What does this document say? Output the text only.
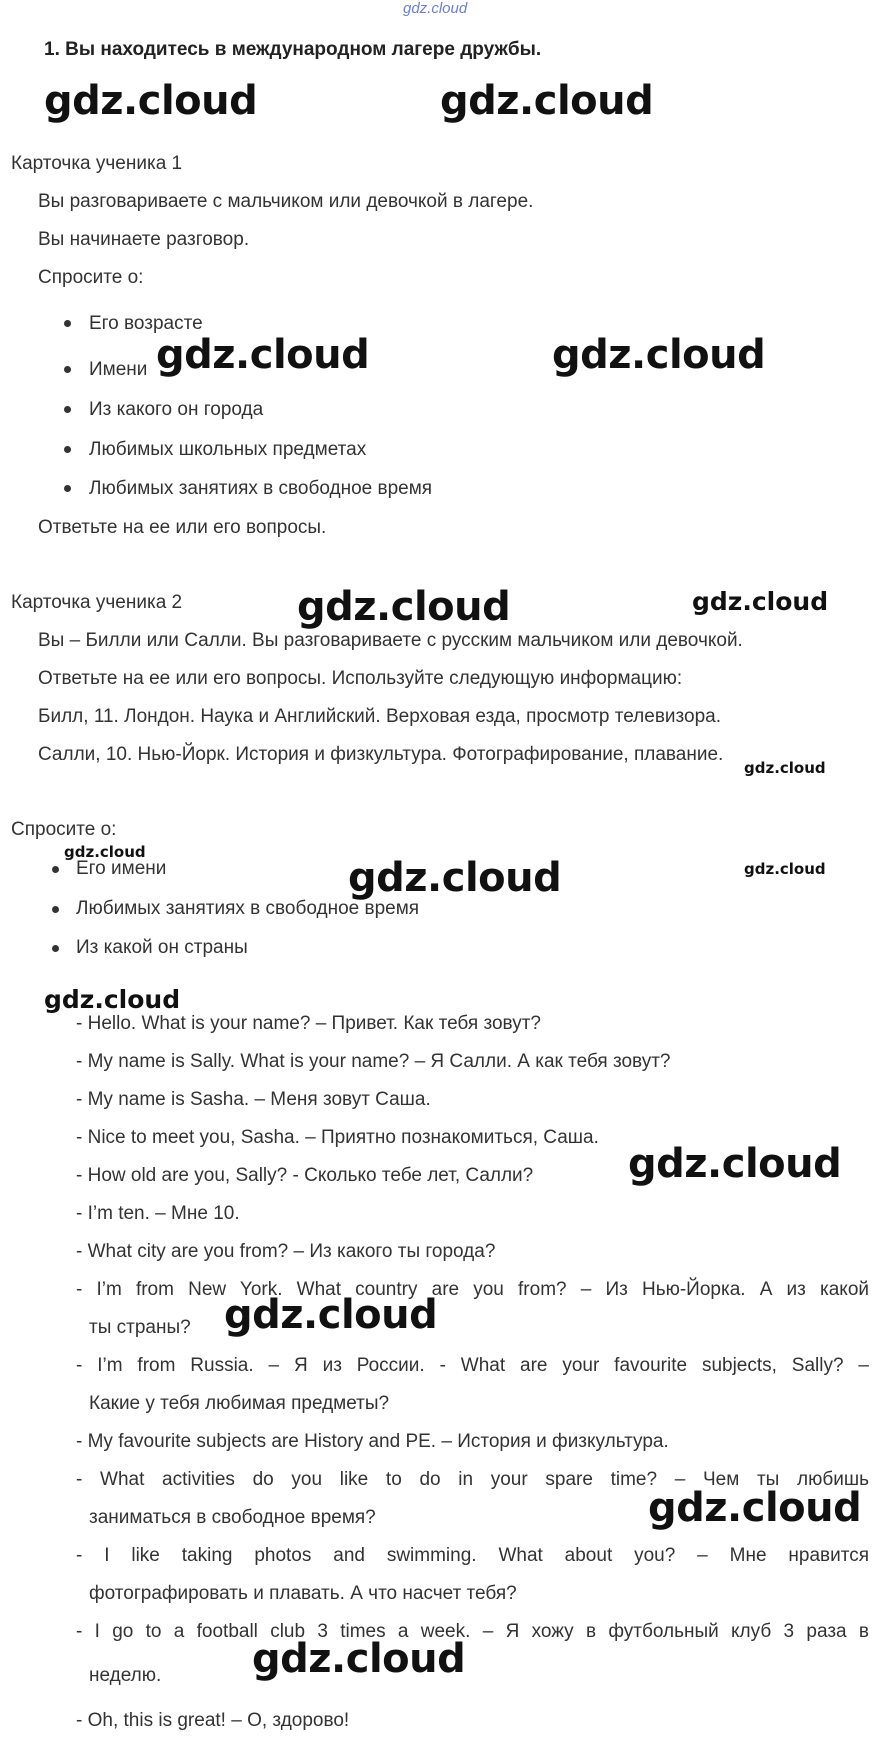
gdz.cloud
1. Вы находитесь в международном лагере дружбы.
Карточка ученика 1
Вы разговариваете с мальчиком или девочкой в лагере.
Вы начинаете разговор.
Спросите о:
Его возрасте
Имени
Из какого он города
Любимых школьных предметах
Любимых занятиях в свободное время
Ответьте на ее или его вопросы.
Карточка ученика 2
Вы – Билли или Салли. Вы разговариваете с русским мальчиком или девочкой.
Ответьте на ее или его вопросы. Используйте следующую информацию:
Билл, 11. Лондон. Наука и Английский. Верховая езда, просмотр телевизора.
Салли, 10. Нью-Йорк. История и физкультура. Фотографирование, плавание.
Спросите о:
Его имени
Любимых занятиях в свободное время
Из какой он страны
- Hello. What is your name? – Привет. Как тебя зовут?
- My name is Sally. What is your name? – Я Салли. А как тебя зовут?
- My name is Sasha. – Меня зовут Саша.
- Nice to meet you, Sasha. – Приятно познакомиться, Саша.
- How old are you, Sally? - Сколько тебе лет, Салли?
- I’m ten. – Мне 10.
- What city are you from? – Из какого ты города?
- I’m from New York. What country are you from? – Из Нью-Йорка. А из какой
ты страны?
- I’m from Russia. – Я из России. - What are your favourite subjects, Sally? –
Какие у тебя любимая предметы?
- My favourite subjects are History and PE. – История и физкультура.
- What activities do you like to do in your spare time? – Чем ты любишь
заниматься в свободное время?
- I like taking photos and swimming. What about you? – Мне нравится
фотографировать и плавать. А что насчет тебя?
- I go to a football club 3 times a week. – Я хожу в футбольный клуб 3 раза в
неделю.
- Oh, this is great! – О, здорово!
gdz.cloud	gdz.cloud
gdz.cloud	gdz.cloud
gdz.cloud	gdz.cloud
gdz.cloud
gdz.cloud
gdz.cloud	gdz.cloud
gdz.cloud
gdz.cloud
gdz.cloud
gdz.cloud
gdz.cloud
